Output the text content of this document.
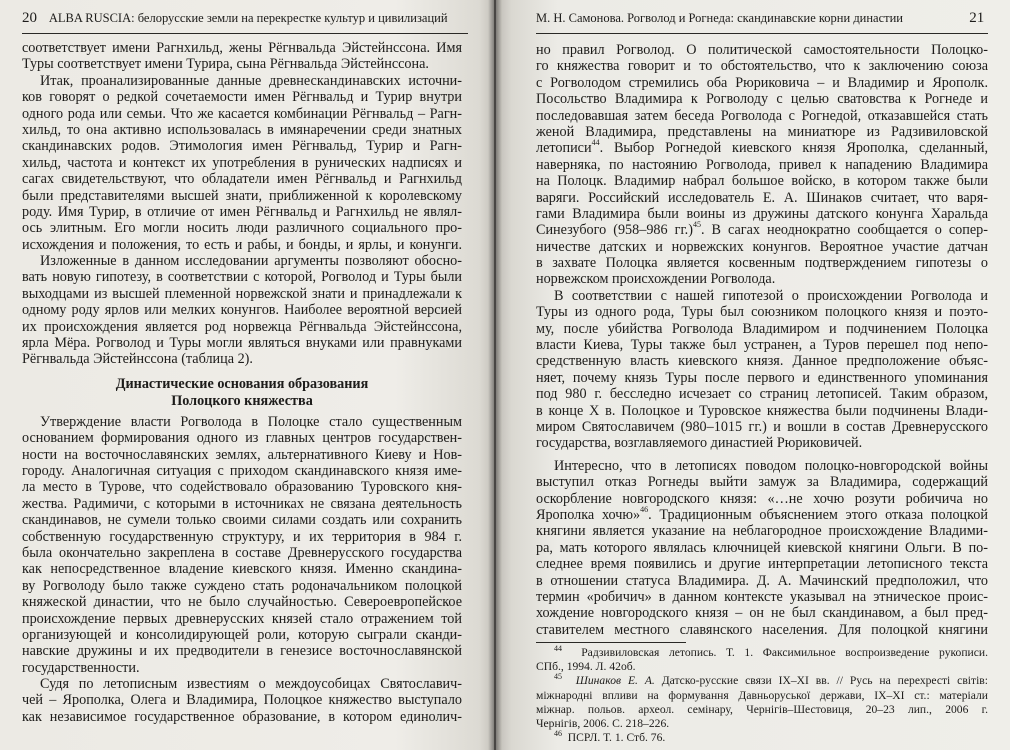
20 ALBA RUSCIA: белорусские земли на перекрестке культур и цивилизаций
соответствует имени Рагнхильд, жены Рёгнвальда Эйстейнссона. Имя
Туры соответствует имени Турира, сына Рёгнвальда Эйстейнссона.
Итак, проанализированные данные древнескандинавских источни-
ков говорят о редкой сочетаемости имен Рёгнвальд и Турир внутри
одного рода или семьи. Что же касается комбинации Рёгнвальд – Рагн-
хильд, то она активно использовалась в имянаречении среди знатных
скандинавских родов. Этимология имен Рёгнвальд, Турир и Рагн-
хильд, частота и контекст их употребления в рунических надписях и
сагах свидетельствуют, что обладатели имен Рёгнвальд и Рагнхильд
были представителями высшей знати, приближенной к королевскому
роду. Имя Турир, в отличие от имен Рёгнвальд и Рагнхильд не являл-
ось элитным. Его могли носить люди различного социального про-
исхождения и положения, то есть и рабы, и бонды, и ярлы, и конунги.
Изложенные в данном исследовании аргументы позволяют обосно-
вать новую гипотезу, в соответствии с которой, Рогволод и Туры были
выходцами из высшей племенной норвежской знати и принадлежали к
одному роду ярлов или мелких конунгов. Наиболее вероятной версией
их происхождения является род норвежца Рёгнвальда Эйстейнссона,
ярла Мёра. Рогволод и Туры могли являться внуками или правнуками
Рёгнвальда Эйстейнссона (таблица 2).
Династические основания образования
Полоцкого княжества
Утверждение власти Рогволода в Полоцке стало существенным
основанием формирования одного из главных центров государствен-
ности на восточнославянских землях, альтернативного Киеву и Нов-
городу. Аналогичная ситуация с приходом скандинавского князя име-
ла место в Турове, что содействовало образованию Туровского кня-
жества. Радимичи, с которыми в источниках не связана деятельность
скандинавов, не сумели только своими силами создать или сохранить
собственную государственную структуру, и их территория в 984 г.
была окончательно закреплена в составе Древнерусского государства
как непосредственное владение киевского князя. Именно скандина-
ву Рогволоду было также суждено стать родоначальником полоцкой
княжеской династии, что не было случайностью. Североевропейское
происхождение первых древнерусских князей стало отражением той
организующей и консолидирующей роли, которую сыграли сканди-
навские дружины и их предводители в генезисе восточнославянской
государственности.
Судя по летописным известиям о междоусобицах Святославич-
чей – Ярополка, Олега и Владимира, Полоцкое княжество выступало
как независимое государственное образование, в котором единолич-
М. Н. Самонова. Рогволод и Рогнеда: скандинавские корни династии	21
но правил Рогволод. О политической самостоятельности Полоцко-
го княжества говорит и то обстоятельство, что к заключению союза
с Рогволодом стремились оба Рюриковича – и Владимир и Ярополк.
Посольство Владимира к Рогволоду с целью сватовства к Рогнеде и
последовавшая затем беседа Рогволода с Рогнедой, отказавшейся стать
женой Владимира, представлены на миниатюре из Радзивиловской
летописи$^{44}$. Выбор Рогнедой киевского князя Ярополка, сделанный,
наверняка, по настоянию Рогволода, привел к нападению Владимира
на Полоцк. Владимир набрал большое войско, в котором также были
варяги. Российский исследователь Е. А. Шинаков считает, что варя-
гами Владимира были воины из дружины датского конунга Харальда
Синезубого (958–986 гг.)$^{45}$. В сагах неоднократно сообщается о сопер-
ничестве датских и норвежских конунгов. Вероятное участие датчан
в захвате Полоцка является косвенным подтверждением гипотезы о
норвежском происхождении Рогволода.
В соответствии с нашей гипотезой о происхождении Рогволода и
Туры из одного рода, Туры был союзником полоцкого князя и поэто-
му, после убийства Рогволода Владимиром и подчинением Полоцка
власти Киева, Туры также был устранен, а Туров перешел под непо-
средственную власть киевского князя. Данное предположение объяс-
няет, почему князь Туры после первого и единственного упоминания
под 980 г. бесследно исчезает со страниц летописей. Таким образом,
в конце Х в. Полоцкое и Туровское княжества были подчинены Влади-
миром Святославичем (980–1015 гг.) и вошли в состав Древнерусского
государства, возглавляемого династией Рюриковичей.
Интересно, что в летописях поводом полоцко-новгородской войны
выступил отказ Рогнеды выйти замуж за Владимира, содержащий
оскорбление новгородского князя: «…не хочю розути робичича но
Ярополка хочю»$^{46}$. Традиционным объяснением этого отказа полоцкой
княгини является указание на неблагородное происхождение Владими-
ра, мать которого являлась ключницей киевской княгини Ольги. В по-
следнее время появились и другие интерпретации летописного текста
в отношении статуса Владимира. Д. А. Мачинский предположил, что
термин «робичич» в данном контексте указывал на этническое проис-
хождение новгородского князя – он не был скандинавом, а был пред-
ставителем местного славянского населения. Для полоцкой княгини
$^{44}$ Радзивиловская летопись. Т. 1. Факсимильное воспроизведение рукописи.
СПб., 1994. Л. 42об.
$^{45}$ Шинаков Е. А. Датско-русские связи IX–XI вв. // Русь на перехресті світів:
міжнародні впливи на формування Давньоруської держави, IX–XI ст.: матеріали
міжнар. польов. археол. семінару, Чернігів–Шестовиця, 20–23 лип., 2006 г.
Чернігів, 2006. С. 218–226.
$^{46}$ ПСРЛ. Т. 1. Стб. 76.
